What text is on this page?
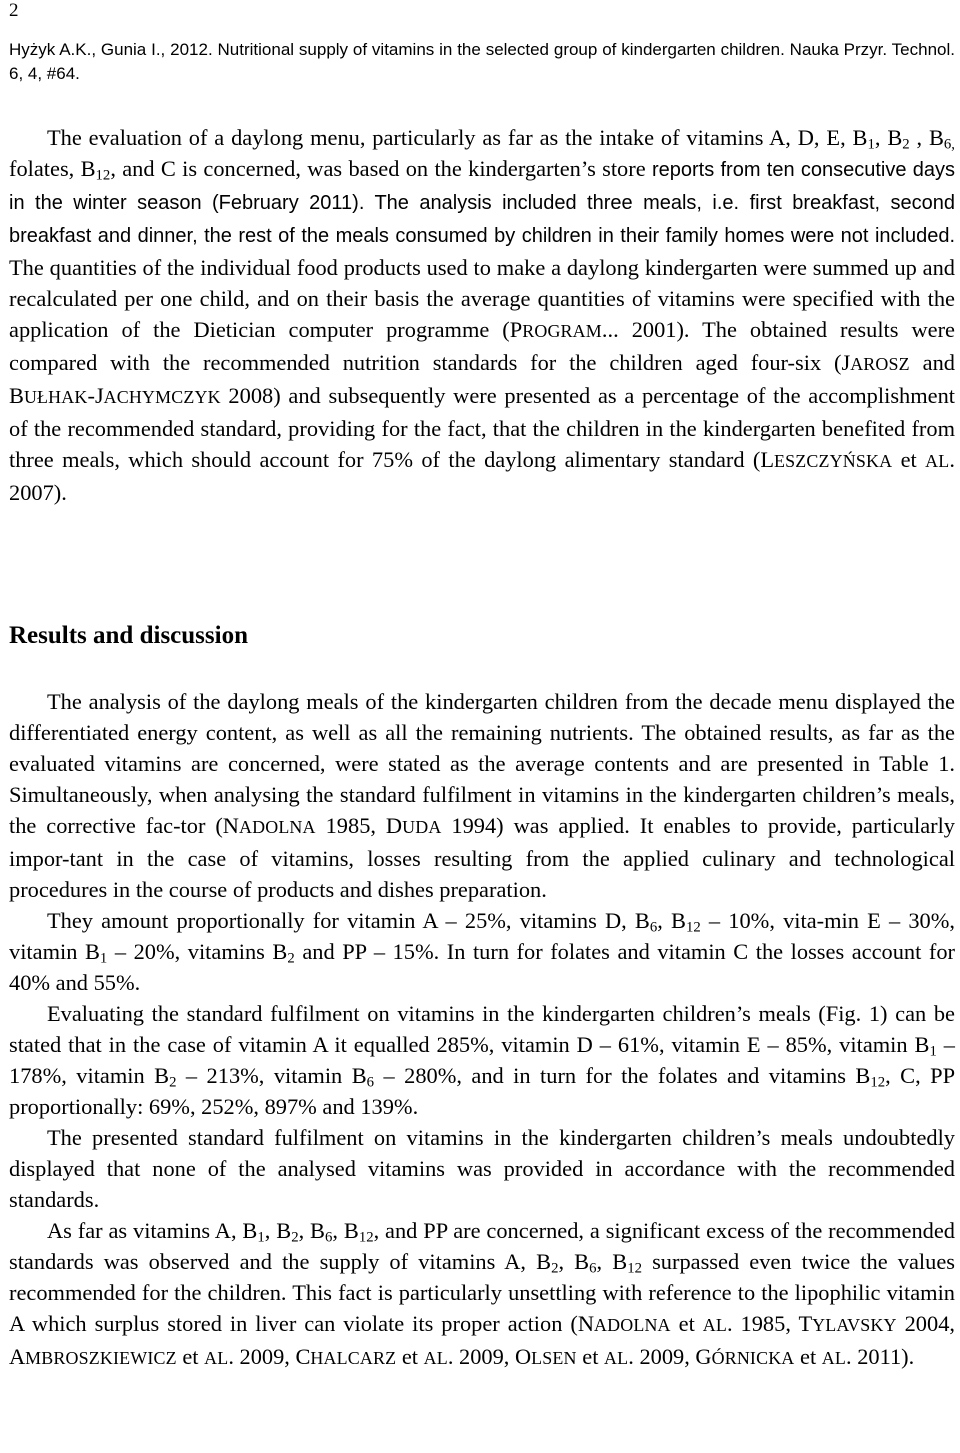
2
Hyżyk A.K., Gunia I., 2012. Nutritional supply of vitamins in the selected group of kindergarten children. Nauka Przyr. Technol. 6, 4, #64.

The evaluation of a daylong menu, particularly as far as the intake of vitamins A, D, E, $B_1$, $B_2$ , $B_{6,}$ folates, $B_{12}$, and C is concerned, was based on the kindergarten’s store reports from ten consecutive days in the winter season (February 2011). The analysis included three meals, i.e. first breakfast, second breakfast and dinner, the rest of the meals consumed by children in their family homes were not included. The quantities of the individual food products used to make a daylong kindergarten were summed up and recalculated per one child, and on their basis the average quantities of vitamins were specified with the application of the Dietician computer programme (PROGRAM... 2001). The obtained results were compared with the recommended nutrition standards for the children aged four-six (JAROSZ and BUŁHAK-JACHYMCZYK 2008) and subsequently were presented as a percentage of the accomplishment of the recommended standard, providing for the fact, that the children in the kindergarten benefited from three meals, which should account for 75% of the daylong alimentary standard (LESZCZYŃSKA et AL. 2007).

Results and discussion

The analysis of the daylong meals of the kindergarten children from the decade menu displayed the differentiated energy content, as well as all the remaining nutrients. The obtained results, as far as the evaluated vitamins are concerned, were stated as the average contents and are presented in Table 1. Simultaneously, when analysing the standard fulfilment in vitamins in the kindergarten children’s meals, the corrective fac-tor (NADOLNA 1985, DUDA 1994) was applied. It enables to provide, particularly impor-tant in the case of vitamins, losses resulting from the applied culinary and technological procedures in the course of products and dishes preparation.

They amount proportionally for vitamin A – 25%, vitamins D, $B_6$, $B_{12} - 10\%$, vita-min E – 30%, vitamin $B_1 - 20\%$, vitamins $B_2$ and PP – 15%. In turn for folates and vitamin C the losses account for 40% and 55%.

Evaluating the standard fulfilment on vitamins in the kindergarten children’s meals (Fig. 1) can be stated that in the case of vitamin A it equalled 285%, vitamin D – 61%, vitamin E – 85%, vitamin $B_1 - 178\%$, vitamin $B_2 - 213\%$, vitamin $B_6 - 280\%$, and in turn for the folates and vitamins $B_{12}$, C, PP proportionally: 69%, 252%, 897% and 139%.

The presented standard fulfilment on vitamins in the kindergarten children’s meals undoubtedly displayed that none of the analysed vitamins was provided in accordance with the recommended standards.

As far as vitamins A, $B_1$, $B_2$, $B_6$, $B_{12}$, and PP are concerned, a significant excess of the recommended standards was observed and the supply of vitamins A, $B_2$, $B_6$, $B_{12}$ surpassed even twice the values recommended for the children. This fact is particularly unsettling with reference to the lipophilic vitamin A which surplus stored in liver can violate its proper action (NADOLNA et AL. 1985, TYLAVSKY 2004, AMBROSZKIEWICZ et AL. 2009, CHALCARZ et AL. 2009, OLSEN et AL. 2009, GÓRNICKA et AL. 2011).
